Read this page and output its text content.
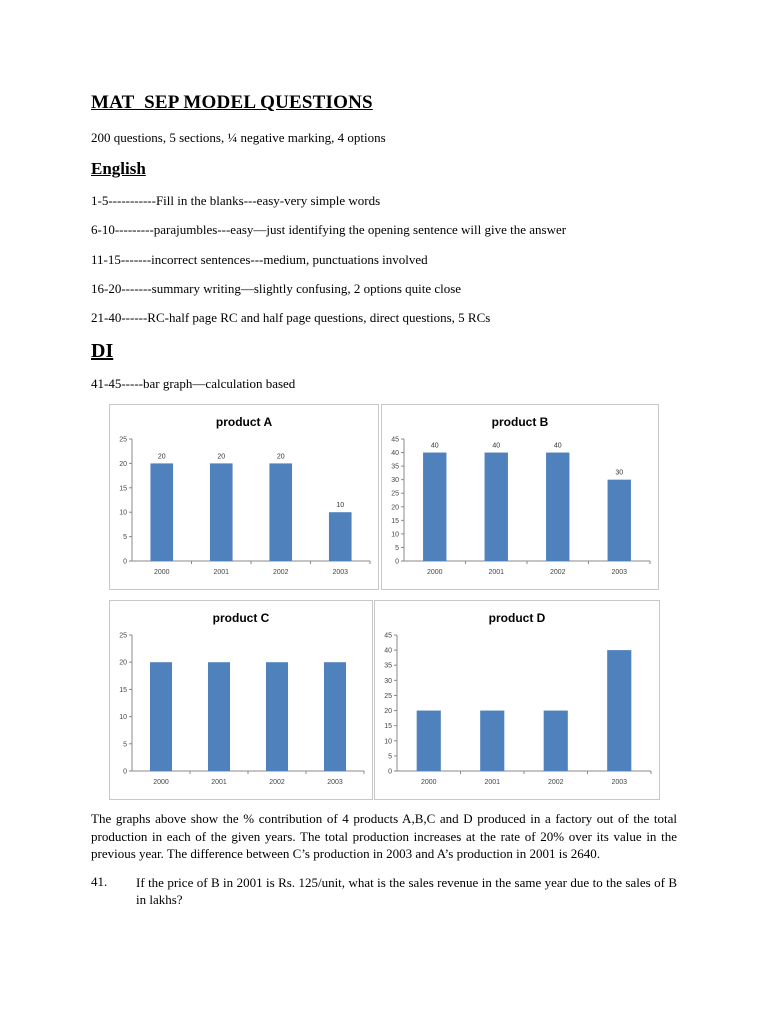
MAT  SEP MODEL QUESTIONS
200 questions, 5 sections, ¼ negative marking, 4 options
English
1-5-----------Fill in the blanks---easy-very simple words
6-10---------parajumbles---easy—just identifying the opening sentence will give the answer
11-15-------incorrect sentences---medium, punctuations involved
16-20-------summary writing—slightly confusing, 2 options quite close
21-40------RC-half page RC and half page questions, direct questions, 5 RCs
DI
41-45-----bar graph—calculation based
product A
0
5
10
15
20
25
2000
20
2001
20
2002
20
2003
10
product B
0
5
10
15
20
25
30
35
40
45
2000
40
2001
40
2002
40
2003
30
product C
0
5
10
15
20
25
2000	2001	2002	2003
product D
0
5
10
15
20
25
30
35
40
45
2000	2001	2002	2003
The graphs above show the % contribution of 4 products A,B,C and D produced in a factory out of the total production in each of the given years. The total production increases at the rate of 20% over its value in the previous year. The difference between C’s production in 2003 and A’s production in 2001 is 2640.
41. If the price of B in 2001 is Rs. 125/unit, what is the sales revenue in the same year due to the sales of B in lakhs?
